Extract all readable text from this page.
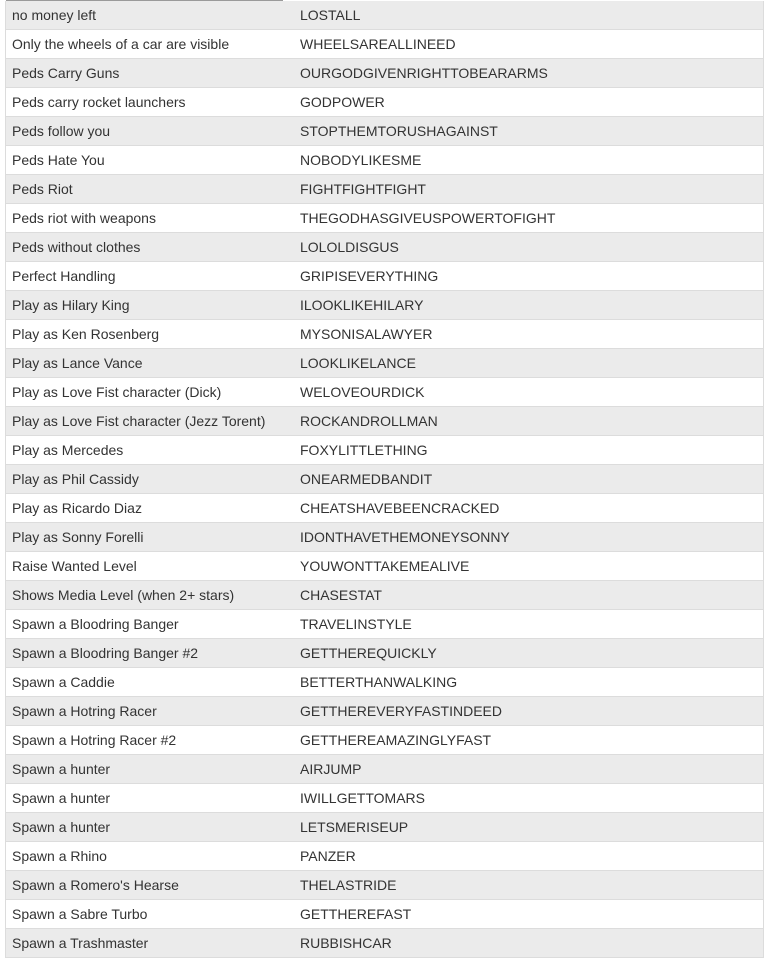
no money left	LOSTALL
Only the wheels of a car are visible	WHEELSAREALLINEED
Peds Carry Guns	OURGODGIVENRIGHTTOBEARARMS
Peds carry rocket launchers	GODPOWER
Peds follow you	STOPTHEMTORUSHAGAINST
Peds Hate You	NOBODYLIKESME
Peds Riot	FIGHTFIGHTFIGHT
Peds riot with weapons	THEGODHASGIVEUSPOWERTOFIGHT
Peds without clothes	LOLOLDISGUS
Perfect Handling	GRIPISEVERYTHING
Play as Hilary King	ILOOKLIKEHILARY
Play as Ken Rosenberg	MYSONISALAWYER
Play as Lance Vance	LOOKLIKELANCE
Play as Love Fist character (Dick)	WELOVEOURDICK
Play as Love Fist character (Jezz Torent)	ROCKANDROLLMAN
Play as Mercedes	FOXYLITTLETHING
Play as Phil Cassidy	ONEARMEDBANDIT
Play as Ricardo Diaz	CHEATSHAVEBEENCRACKED
Play as Sonny Forelli	IDONTHAVETHEMONEYSONNY
Raise Wanted Level	YOUWONTTAKEMEALIVE
Shows Media Level (when 2+ stars)	CHASESTAT
Spawn a Bloodring Banger	TRAVELINSTYLE
Spawn a Bloodring Banger #2	GETTHEREQUICKLY
Spawn a Caddie	BETTERTHANWALKING
Spawn a Hotring Racer	GETTHEREVERYFASTINDEED
Spawn a Hotring Racer #2	GETTHEREAMAZINGLYFAST
Spawn a hunter	AIRJUMP
Spawn a hunter	IWILLGETTOMARS
Spawn a hunter	LETSMERISEUP
Spawn a Rhino	PANZER
Spawn a Romero's Hearse	THELASTRIDE
Spawn a Sabre Turbo	GETTHEREFAST
Spawn a Trashmaster	RUBBISHCAR
